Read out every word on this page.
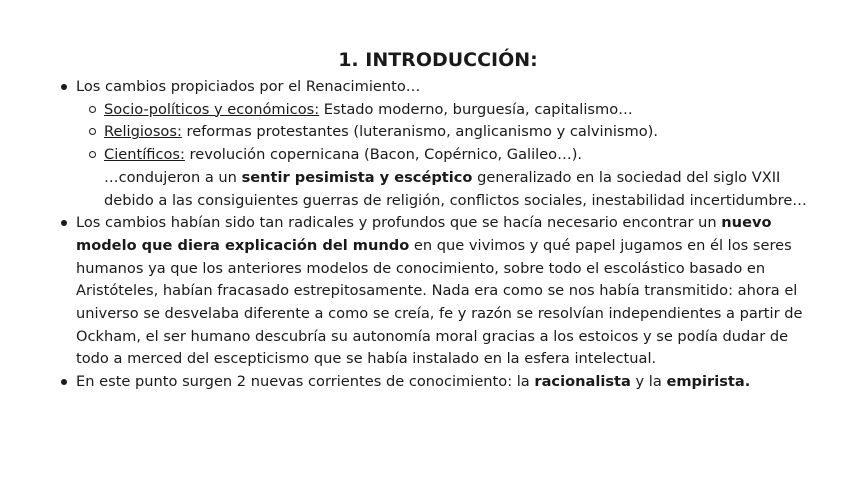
1. INTRODUCCIÓN:
Los cambios propiciados por el Renacimiento…
Socio-políticos y económicos: Estado moderno, burguesía, capitalismo…
Religiosos: reformas protestantes (luteranismo, anglicanismo y calvinismo).
Científicos: revolución copernicana (Bacon, Copérnico, Galileo…).
…condujeron a un sentir pesimista y escéptico generalizado en la sociedad del siglo VXII debido a las consiguientes guerras de religión, conflictos sociales, inestabilidad incertidumbre…
Los cambios habían sido tan radicales y profundos que se hacía necesario encontrar un nuevo modelo que diera explicación del mundo en que vivimos y qué papel jugamos en él los seres humanos ya que los anteriores modelos de conocimiento, sobre todo el escolástico basado en Aristóteles, habían fracasado estrepitosamente. Nada era como se nos había transmitido: ahora el universo se desvelaba diferente a como se creía, fe y razón se resolvían independientes a partir de Ockham, el ser humano descubría su autonomía moral gracias a los estoicos y se podía dudar de todo a merced del escepticismo que se había instalado en la esfera intelectual.
En este punto surgen 2 nuevas corrientes de conocimiento: la racionalista y la empirista.
